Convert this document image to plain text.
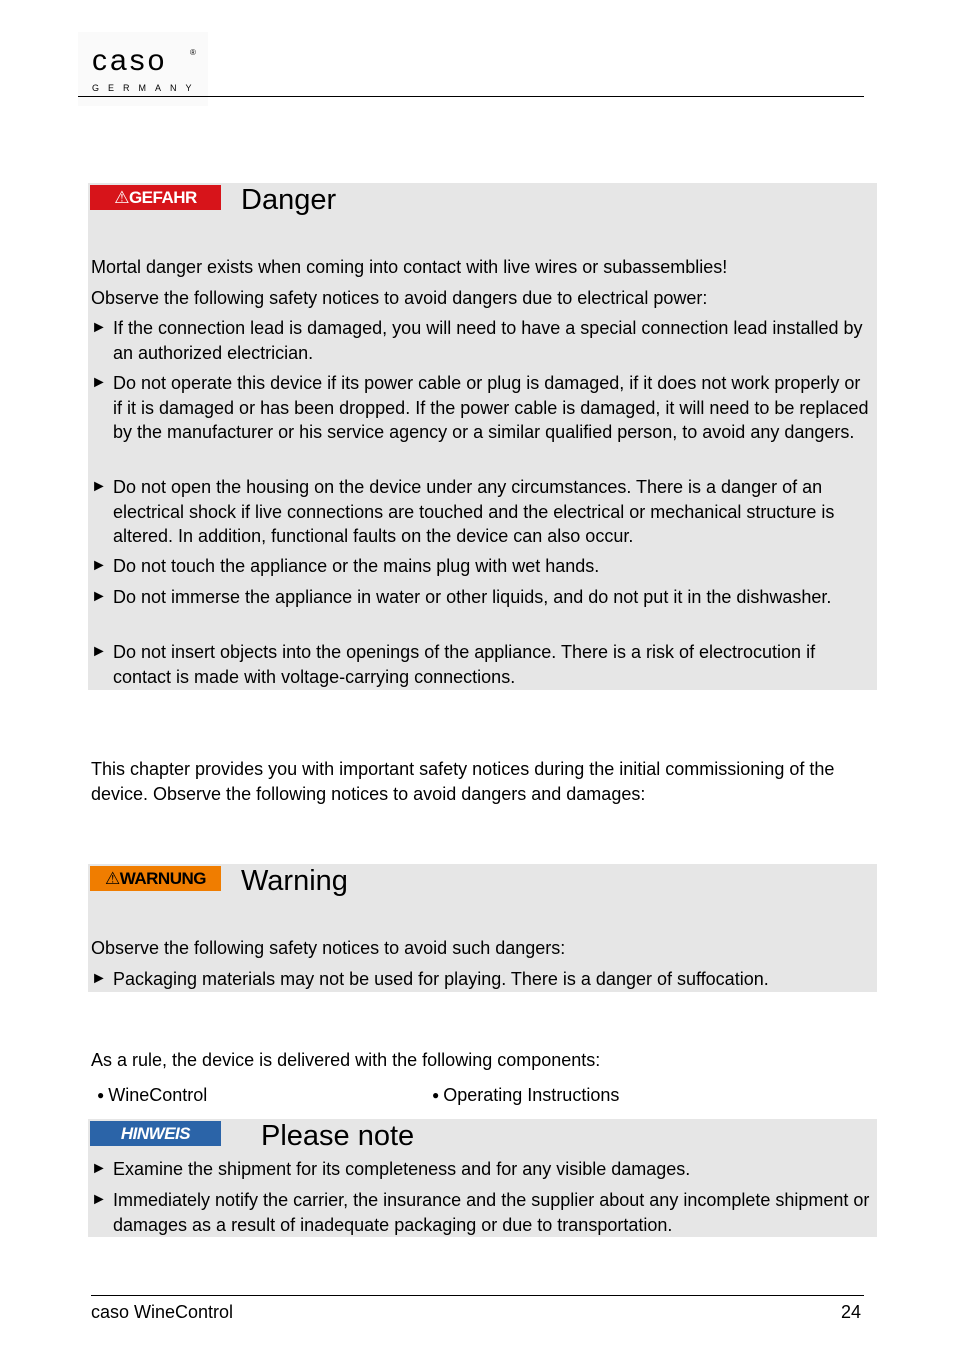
caso	®
GERMANY
⚠GEFAHR	Danger
Mortal danger exists when coming into contact with live wires or subassemblies!
Observe the following safety notices to avoid dangers due to electrical power:
► If the connection lead is damaged, you will need to have a special connection lead installed by an authorized electrician.
► Do not operate this device if its power cable or plug is damaged, if it does not work properly or if it is damaged or has been dropped. If the power cable is damaged, it will need to be replaced by the manufacturer or his service agency or a similar qualified person, to avoid any dangers.
► Do not open the housing on the device under any circumstances. There is a danger of an electrical shock if live connections are touched and the electrical or mechanical structure is altered. In addition, functional faults on the device can also occur.
► Do not touch the appliance or the mains plug with wet hands.
► Do not immerse the appliance in water or other liquids, and do not put it in the dishwasher.
► Do not insert objects into the openings of the appliance. There is a risk of electrocution if contact is made with voltage-carrying connections.
This chapter provides you with important safety notices during the initial commissioning of the device. Observe the following notices to avoid dangers and damages:
⚠WARNUNG	Warning
Observe the following safety notices to avoid such dangers:
► Packaging materials may not be used for playing. There is a danger of suffocation.
As a rule, the device is delivered with the following components:
● WineControl	● Operating Instructions
HINWEIS	Please note
► Examine the shipment for its completeness and for any visible damages.
► Immediately notify the carrier, the insurance and the supplier about any incomplete shipment or damages as a result of inadequate packaging or due to transportation.
caso WineControl	24
